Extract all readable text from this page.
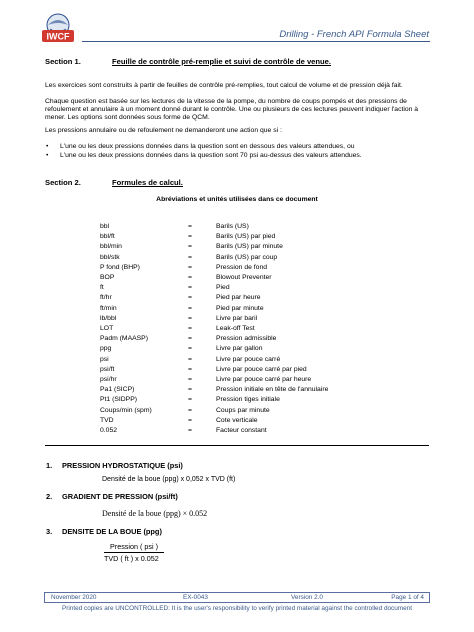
IWCF	Drilling - French API Formula Sheet
Section 1.	Feuille de contrôle pré-remplie et suivi de contrôle de venue.
Les exercices sont construits à partir de feuilles de contrôle pré-remplies, tout calcul de volume et de pression déjà fait.
Chaque question est basée sur les lectures de la vitesse de la pompe, du nombre de coups pompés et des pressions de refoulement et annulaire à un moment donné durant le contrôle. Une ou plusieurs de ces lectures peuvent indiquer l'action à mener. Les options sont données sous forme de QCM.
Les pressions annulaire ou de refoulement ne demanderont une action que si :
• L'une ou les deux pressions données dans la question sont en dessous des valeurs attendues, ou
• L'une ou les deux pressions données dans la question sont 70 psi au-dessus des valeurs attendues.
Section 2.	Formules de calcul.
Abréviations et unités utilisées dans ce document
bbl	=	Barils (US)
bbl/ft	=	Barils (US) par pied
bbl/min	=	Barils (US) par minute
bbl/stk	=	Barils (US) par coup
P fond (BHP)	=	Pression de fond
BOP	=	Blowout Preventer
ft	=	Pied
ft/hr	=	Pied par heure
ft/min	=	Pied par minute
lb/bbl	=	Livre par baril
LOT	=	Leak-off Test
Padm (MAASP)	=	Pression admissible
ppg	=	Livre par gallon
psi	=	Livre par pouce carré
psi/ft	=	Livre par pouce carré par pied
psi/hr	=	Livre par pouce carré par heure
Pa1 (SICP)	=	Pression initiale en tête de l'annulaire
Pt1 (SIDPP)	=	Pression tiges initiale
Coups/min (spm)	=	Coups par minute
TVD	=	Cote verticale
0.052	=	Facteur constant
1. PRESSION HYDROSTATIQUE (psi)
Densité de la boue (ppg) x 0,052 x TVD (ft)
2. GRADIENT DE PRESSION (psi/ft)
Densité de la boue (ppg) × 0.052
3. DENSITE DE LA BOUE (ppg)
Pression ( psi )
TVD ( ft ) x 0.052
November 2020	EX-0043	Version 2.0	Page 1 of 4
Printed copies are UNCONTROLLED: It is the user's responsibility to verify printed material against the controlled document
